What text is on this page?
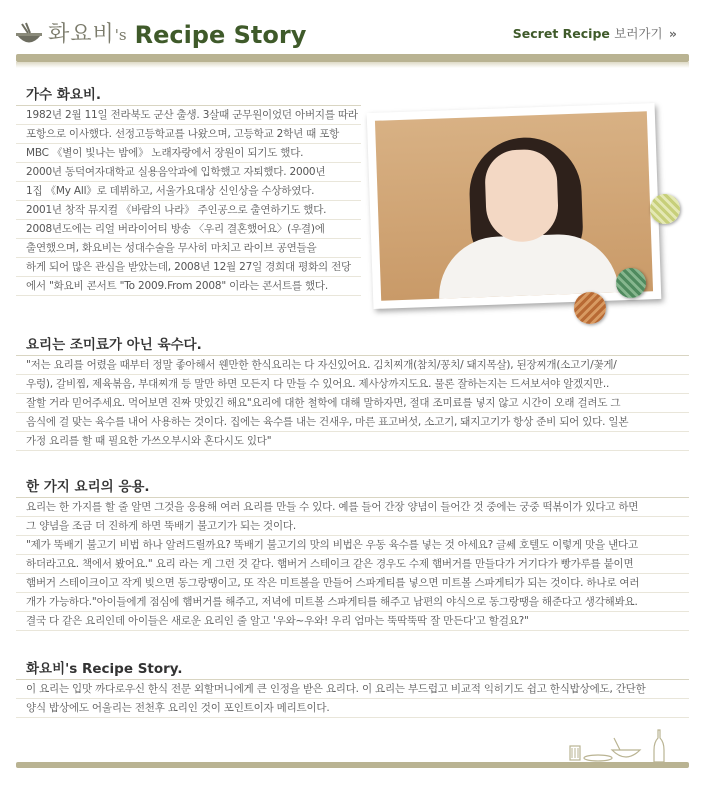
화요비 's Recipe Story	Secret Recipe 보러가기 »
가수 화요비.
1982년 2월 11일 전라북도 군산 출생. 3살때 군무원이었던 아버지를 따라
포항으로 이사했다. 선정고등학교를 나왔으며, 고등학교 2학년 때 포항
MBC 《별이 빛나는 밤에》 노래자랑에서 장원이 되기도 했다.
2000년 동덕여자대학교 실용음악과에 입학했고 자퇴했다. 2000년
1집 《My All》로 데뷔하고, 서울가요대상 신인상을 수상하였다.
2001년 창작 뮤지컬 《바람의 나라》 주인공으로 출연하기도 했다.
2008년도에는 리얼 버라이어티 방송 〈우리 결혼했어요〉(우결)에
출연했으며, 화요비는 성대수술을 무사히 마치고 라이브 공연들을
하게 되어 많은 관심을 받았는데, 2008년 12월 27일 경희대 평화의 전당
에서 "화요비 콘서트 "To 2009.From 2008" 이라는 콘서트를 했다.
요리는 조미료가 아닌 육수다.
"저는 요리를 어렸을 때부터 정말 좋아해서 웬만한 한식요리는 다 자신있어요. 김치찌개(참치/꽁치/ 돼지목살), 된장찌개(소고기/꽃게/
우렁), 갈비찜, 제육볶음, 부대찌개 등 말만 하면 모든지 다 만들 수 있어요. 제사상까지도요. 물론 잘하는지는 드셔보셔야 알겠지만..
잘할 거라 믿어주세요. 먹어보면 진짜 맛있긴 해요"요리에 대한 철학에 대해 말하자면, 절대 조미료를 넣지 않고 시간이 오래 걸려도 그
음식에 걸 맞는 육수를 내어 사용하는 것이다. 집에는 육수를 내는 건새우, 마른 표고버섯, 소고기, 돼지고기가 항상 준비 되어 있다. 일본
가정 요리를 할 때 필요한 가쓰오부시와 혼다시도 있다"
한 가지 요리의 응용.
요리는 한 가지를 할 줄 알면 그것을 응용해 여러 요리를 만들 수 있다. 예를 들어 간장 양념이 들어간 것 중에는 궁중 떡볶이가 있다고 하면
그 양념을 조금 더 진하게 하면 뚝배기 불고기가 되는 것이다.
"제가 뚝배기 불고기 비법 하나 알려드릴까요? 뚝배기 불고기의 맛의 비법은 우동 육수를 넣는 것 아세요? 글쎄 호텔도 이렇게 맛을 낸다고
하더라고요. 책에서 봤어요." 요리 라는 게 그런 것 같다. 햄버거 스테이크 같은 경우도 수제 햄버거를 만들다가 거기다가 빵가루를 붙이면
햄버거 스테이크이고 작게 빚으면 동그랑땡이고, 또 작은 미트볼을 만들어 스파게티를 넣으면 미트볼 스파게티가 되는 것이다. 하나로 여러
개가 가능하다."아이들에게 점심에 햄버거를 해주고, 저녁에 미트볼 스파게티를 해주고 남편의 야식으로 동그랑땡을 해준다고 생각해봐요.
결국 다 같은 요리인데 아이들은 새로운 요리인 줄 알고 '우와~우와! 우리 엄마는 뚝딱뚝딱 잘 만든다'고 할걸요?"
화요비's Recipe Story.
이 요리는 입맛 까다로우신 한식 전문 외할머니에게 큰 인정을 받은 요리다. 이 요리는 부드럽고 비교적 익히기도 쉽고 한식밥상에도, 간단한
양식 밥상에도 어울리는 전천후 요리인 것이 포인트이자 메리트이다.
